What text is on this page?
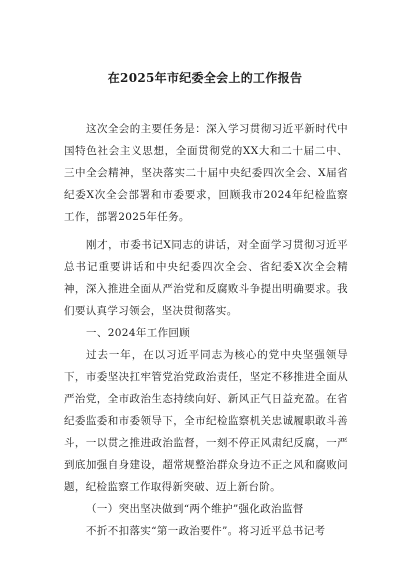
在2025年市纪委全会上的工作报告

这次全会的主要任务是：深入学习贯彻习近平新时代中国特色社会主义思想，全面贯彻党的XX大和二十届二中、三中全会精神，坚决落实二十届中央纪委四次全会、X届省纪委X次全会部署和市委要求，回顾我市2024年纪检监察工作，部署2025年任务。

刚才，市委书记X同志的讲话，对全面学习贯彻习近平总书记重要讲话和中央纪委四次全会、省纪委X次全会精神，深入推进全面从严治党和反腐败斗争提出明确要求。我们要认真学习领会，坚决贯彻落实。

一、2024年工作回顾

过去一年，在以习近平同志为核心的党中央坚强领导下，市委坚决扛牢管党治党政治责任，坚定不移推进全面从严治党，全市政治生态持续向好、新风正气日益充盈。在省纪委监委和市委领导下，全市纪检监察机关忠诚履职敢斗善斗，一以贯之推进政治监督，一刻不停正风肃纪反腐，一严到底加强自身建设，超常规整治群众身边不正之风和腐败问题，纪检监察工作取得新突破、迈上新台阶。

（一）突出坚决做到“两个维护”强化政治监督

不折不扣落实“第一政治要件”。将习近平总书记考
